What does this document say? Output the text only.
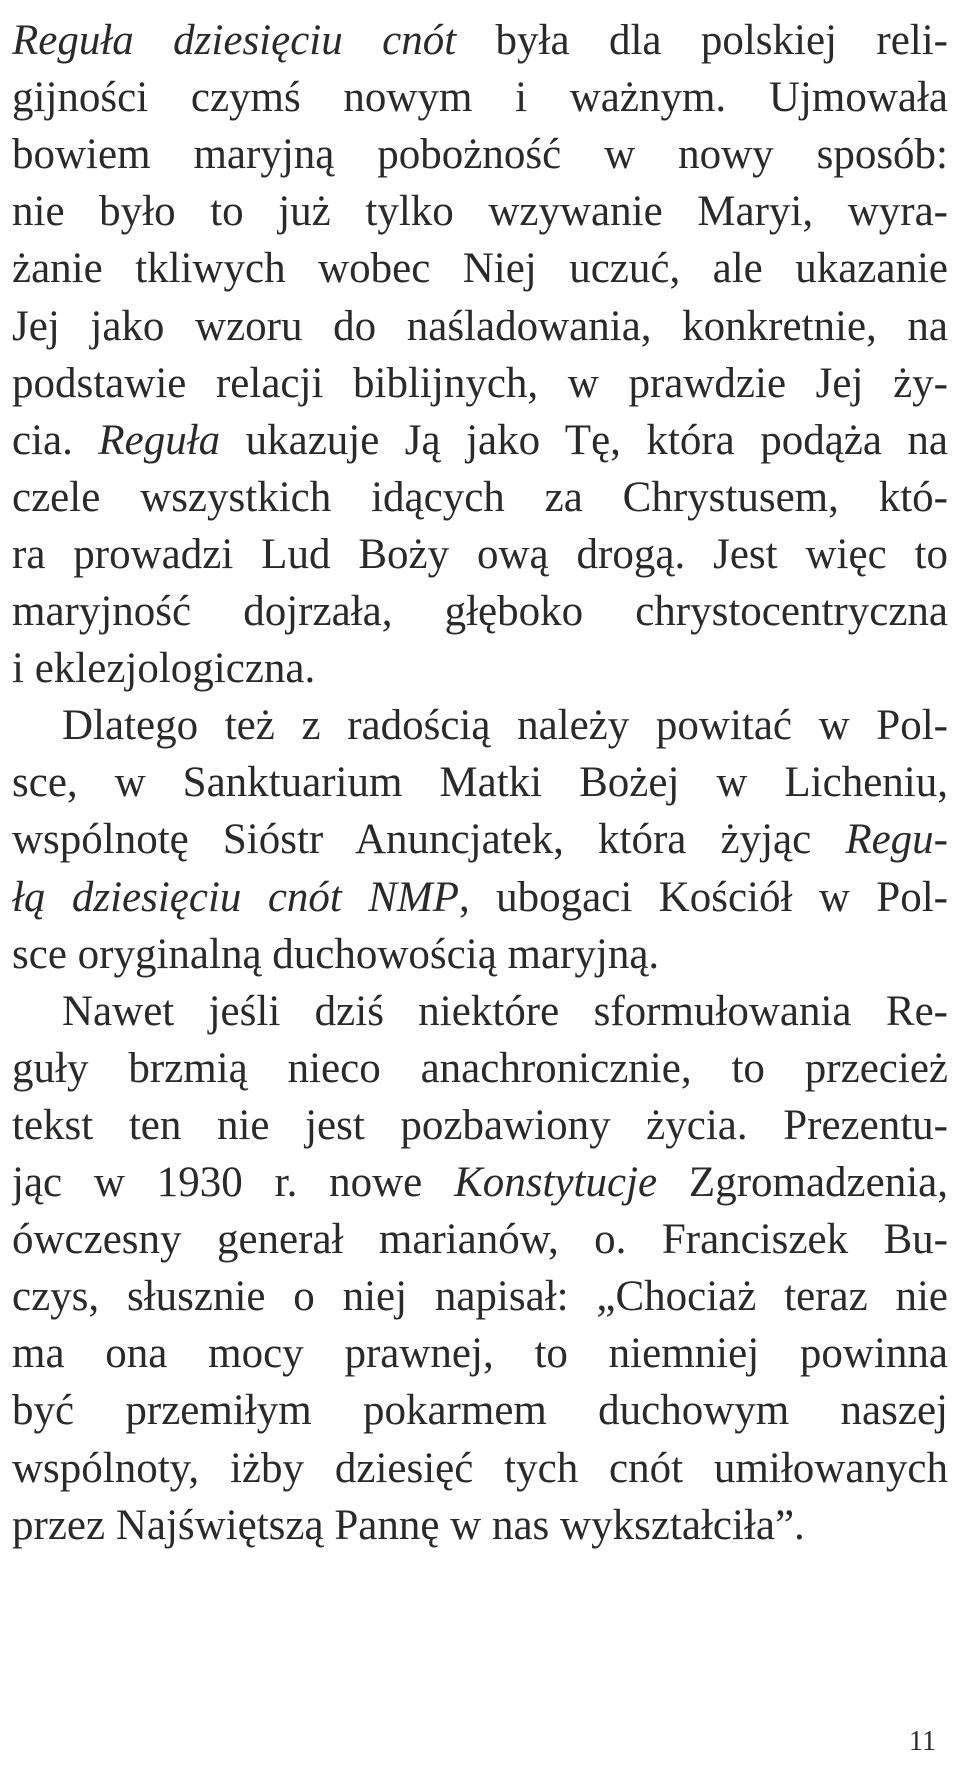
Reguła dziesięciu cnót była dla polskiej reli-
gijności czymś nowym i ważnym. Ujmowała
bowiem maryjną pobożność w nowy sposób:
nie było to już tylko wzywanie Maryi, wyra-
żanie tkliwych wobec Niej uczuć, ale ukazanie
Jej jako wzoru do naśladowania, konkretnie, na
podstawie relacji biblijnych, w prawdzie Jej ży-
cia. Reguła ukazuje Ją jako Tę, która podąża na
czele wszystkich idących za Chrystusem, któ-
ra prowadzi Lud Boży ową drogą. Jest więc to
maryjność dojrzała, głęboko chrystocentryczna
i eklezjologiczna.
Dlatego też z radością należy powitać w Pol-
sce, w Sanktuarium Matki Bożej w Licheniu,
wspólnotę Sióstr Anuncjatek, która żyjąc Regu-
łą dziesięciu cnót NMP, ubogaci Kościół w Pol-
sce oryginalną duchowością maryjną.
Nawet jeśli dziś niektóre sformułowania Re-
guły brzmią nieco anachronicznie, to przecież
tekst ten nie jest pozbawiony życia. Prezentu-
jąc w 1930 r. nowe Konstytucje Zgromadzenia,
ówczesny generał marianów, o. Franciszek Bu-
czys, słusznie o niej napisał: „Chociaż teraz nie
ma ona mocy prawnej, to niemniej powinna
być przemiłym pokarmem duchowym naszej
wspólnoty, iżby dziesięć tych cnót umiłowanych
przez Najświętszą Pannę w nas wykształciła”.
11
